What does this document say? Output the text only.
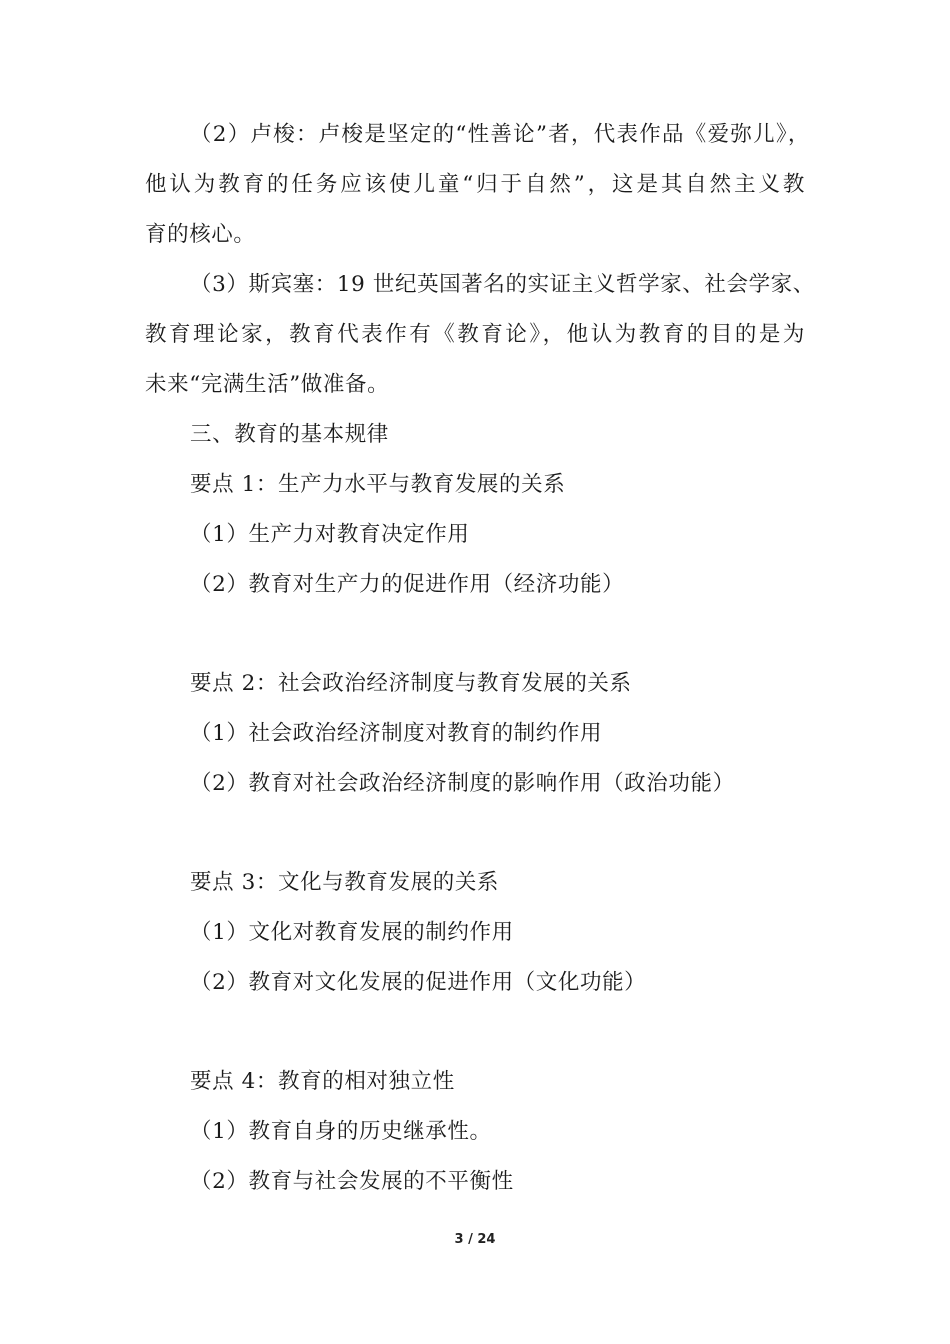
（2）卢梭：卢梭是坚定的“性善论”者，代表作品《爱弥儿》，
他认为教育的任务应该使儿童“归于自然”，这是其自然主义教
育的核心。
（3）斯宾塞：19 世纪英国著名的实证主义哲学家、社会学家、
教育理论家，教育代表作有《教育论》，他认为教育的目的是为
未来“完满生活”做准备。
三、教育的基本规律
要点 1：生产力水平与教育发展的关系
（1）生产力对教育决定作用
（2）教育对生产力的促进作用（经济功能）
要点 2：社会政治经济制度与教育发展的关系
（1）社会政治经济制度对教育的制约作用
（2）教育对社会政治经济制度的影响作用（政治功能）
要点 3：文化与教育发展的关系
（1）文化对教育发展的制约作用
（2）教育对文化发展的促进作用（文化功能）
要点 4：教育的相对独立性
（1）教育自身的历史继承性。
（2）教育与社会发展的不平衡性
3 / 24
